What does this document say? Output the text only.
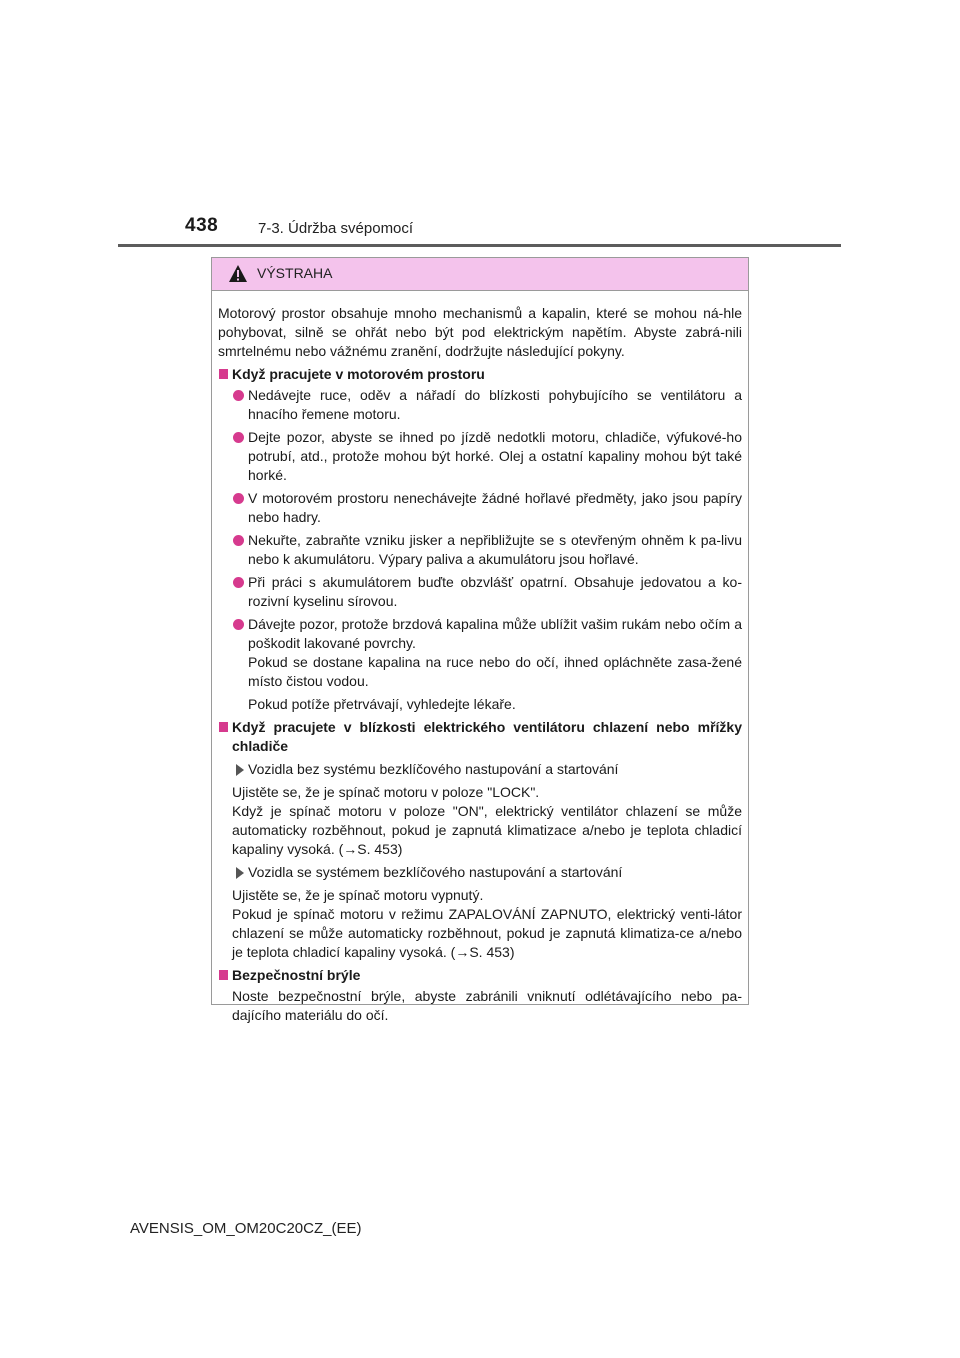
438	7-3. Údržba svépomocí
VÝSTRAHA

Motorový prostor obsahuje mnoho mechanismů a kapalin, které se mohou ná-hle pohybovat, silně se ohřát nebo být pod elektrickým napětím. Abyste zabrá-nili smrtelnému nebo vážnému zranění, dodržujte následující pokyny.

Když pracujete v motorovém prostoru
Nedávejte ruce, oděv a nářadí do blízkosti pohybujícího se ventilátoru a hnacího řemene motoru.
Dejte pozor, abyste se ihned po jízdě nedotkli motoru, chladiče, výfukové-ho potrubí, atd., protože mohou být horké. Olej a ostatní kapaliny mohou být také horké.
V motorovém prostoru nenechávejte žádné hořlavé předměty, jako jsou papíry nebo hadry.
Nekuřte, zabraňte vzniku jisker a nepřibližujte se s otevřeným ohněm k pa-livu nebo k akumulátoru. Výpary paliva a akumulátoru jsou hořlavé.
Při práci s akumulátorem buďte obzvlášť opatrní. Obsahuje jedovatou a ko-rozivní kyselinu sírovou.
Dávejte pozor, protože brzdová kapalina může ublížit vašim rukám nebo očím a poškodit lakované povrchy.

Pokud se dostane kapalina na ruce nebo do očí, ihned opláchněte zasa-žené místo čistou vodou.

Pokud potíže přetrvávají, vyhledejte lékaře.

Když pracujete v blízkosti elektrického ventilátoru chlazení nebo mřížky chladiče
Vozidla bez systému bezklíčového nastupování a startování

Ujistěte se, že je spínač motoru v poloze "LOCK".

Když je spínač motoru v poloze "ON", elektrický ventilátor chlazení se může automaticky rozběhnout, pokud je zapnutá klimatizace a/nebo je teplota chladicí kapaliny vysoká. (→S. 453)

Vozidla se systémem bezklíčového nastupování a startování

Ujistěte se, že je spínač motoru vypnutý.

Pokud je spínač motoru v režimu ZAPALOVÁNÍ ZAPNUTO, elektrický venti-látor chlazení se může automaticky rozběhnout, pokud je zapnutá klimatiza-ce a/nebo je teplota chladicí kapaliny vysoká. (→S. 453)

Bezpečnostní brýle

Noste bezpečnostní brýle, abyste zabránili vniknutí odlétávajícího nebo pa-dajícího materiálu do očí.

AVENSIS_OM_OM20C20CZ_(EE)
